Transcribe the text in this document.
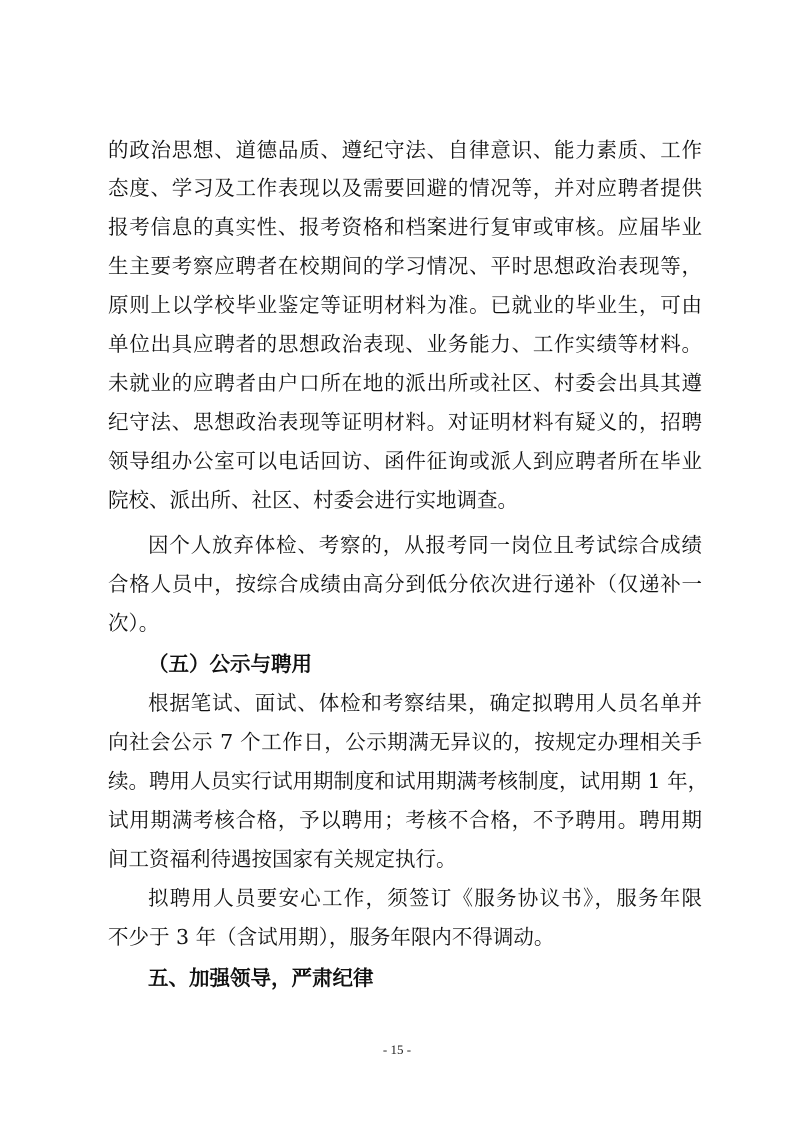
的政治思想、道德品质、遵纪守法、自律意识、能力素质、工作
态度、学习及工作表现以及需要回避的情况等，并对应聘者提供
报考信息的真实性、报考资格和档案进行复审或审核。应届毕业
生主要考察应聘者在校期间的学习情况、平时思想政治表现等，
原则上以学校毕业鉴定等证明材料为准。已就业的毕业生，可由
单位出具应聘者的思想政治表现、业务能力、工作实绩等材料。
未就业的应聘者由户口所在地的派出所或社区、村委会出具其遵
纪守法、思想政治表现等证明材料。对证明材料有疑义的，招聘
领导组办公室可以电话回访、函件征询或派人到应聘者所在毕业
院校、派出所、社区、村委会进行实地调查。
因个人放弃体检、考察的，从报考同一岗位且考试综合成绩
合格人员中，按综合成绩由高分到低分依次进行递补（仅递补一
次）。
（五）公示与聘用
根据笔试、面试、体检和考察结果，确定拟聘用人员名单并
向社会公示 7 个工作日，公示期满无异议的，按规定办理相关手
续。聘用人员实行试用期制度和试用期满考核制度，试用期 1 年，
试用期满考核合格，予以聘用；考核不合格，不予聘用。聘用期
间工资福利待遇按国家有关规定执行。
拟聘用人员要安心工作，须签订《服务协议书》，服务年限
不少于 3 年（含试用期），服务年限内不得调动。
五、加强领导，严肃纪律
- 15 -
